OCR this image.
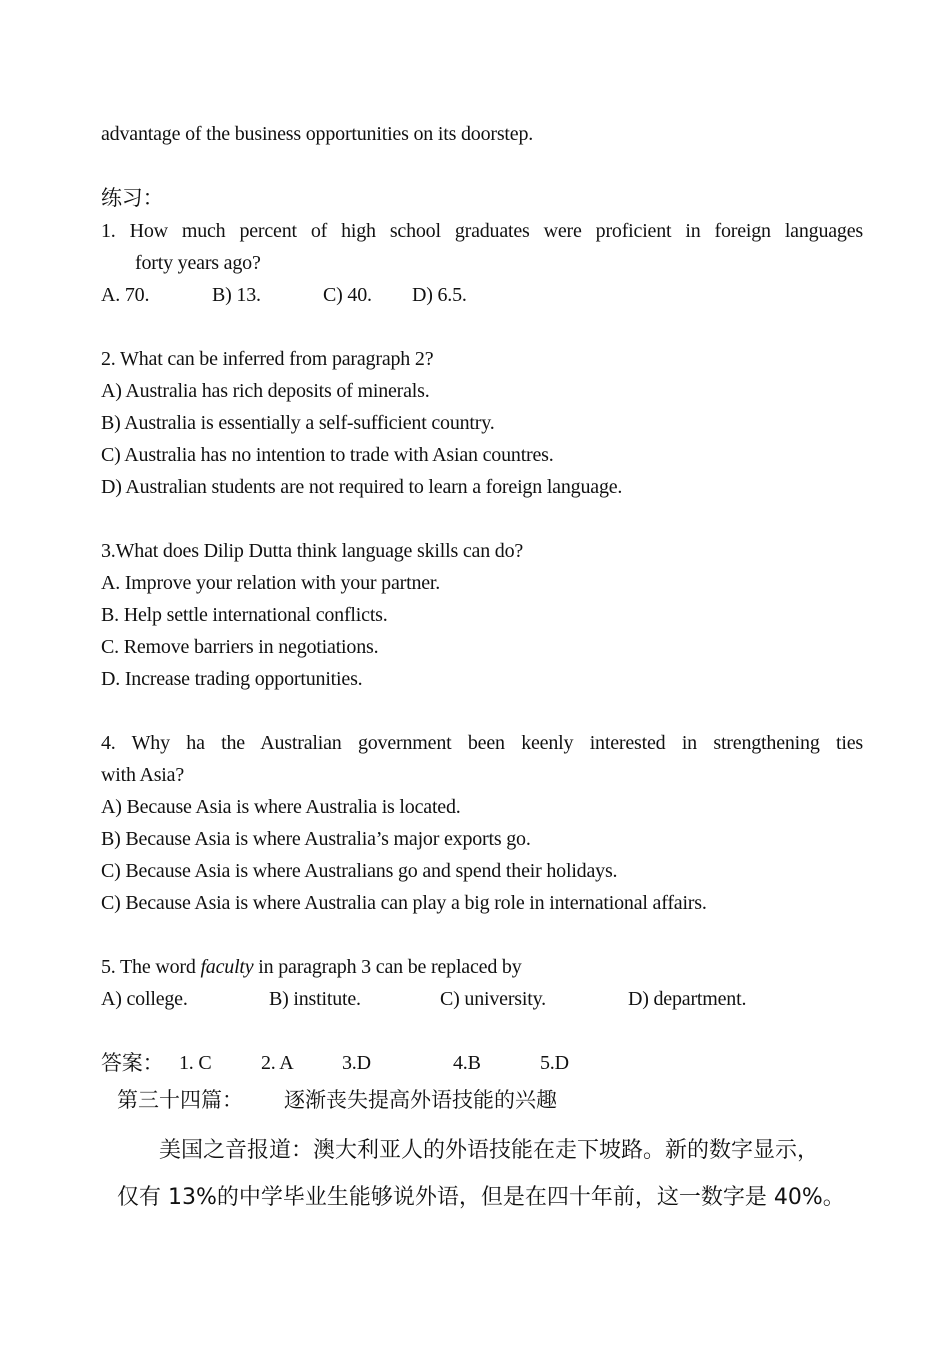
advantage of the business opportunities on its doorstep.
练习：
1. How much percent of high school graduates were proficient in foreign languages
forty years ago?
A. 70.	B) 13.	C) 40. D) 6.5.
2. What can be inferred from paragraph 2?
A) Australia has rich deposits of minerals.
B) Australia is essentially a self-sufficient country.
C) Australia has no intention to trade with Asian countres.
D) Australian students are not required to learn a foreign language.
3.What does Dilip Dutta think language skills can do?
A. Improve your relation with your partner.
B. Help settle international conflicts.
C. Remove barriers in negotiations.
D. Increase trading opportunities.
4. Why ha the Australian government been keenly interested in strengthening ties
with Asia?
A) Because Asia is where Australia is located.
B) Because Asia is where Australia’s major exports go.
C) Because Asia is where Australians go and spend their holidays.
C) Because Asia is where Australia can play a big role in international affairs.
5. The word faculty in paragraph 3 can be replaced by
A) college.	B) institute.	C) university.	D) department.
答案： 1. C 2. A 3.D	4.B	5.D
第三十四篇： 逐渐丧失提高外语技能的兴趣
美国之音报道：澳大利亚人的外语技能在走下坡路。新的数字显示，
仅有 13%的中学毕业生能够说外语，但是在四十年前，这一数字是 40%。
